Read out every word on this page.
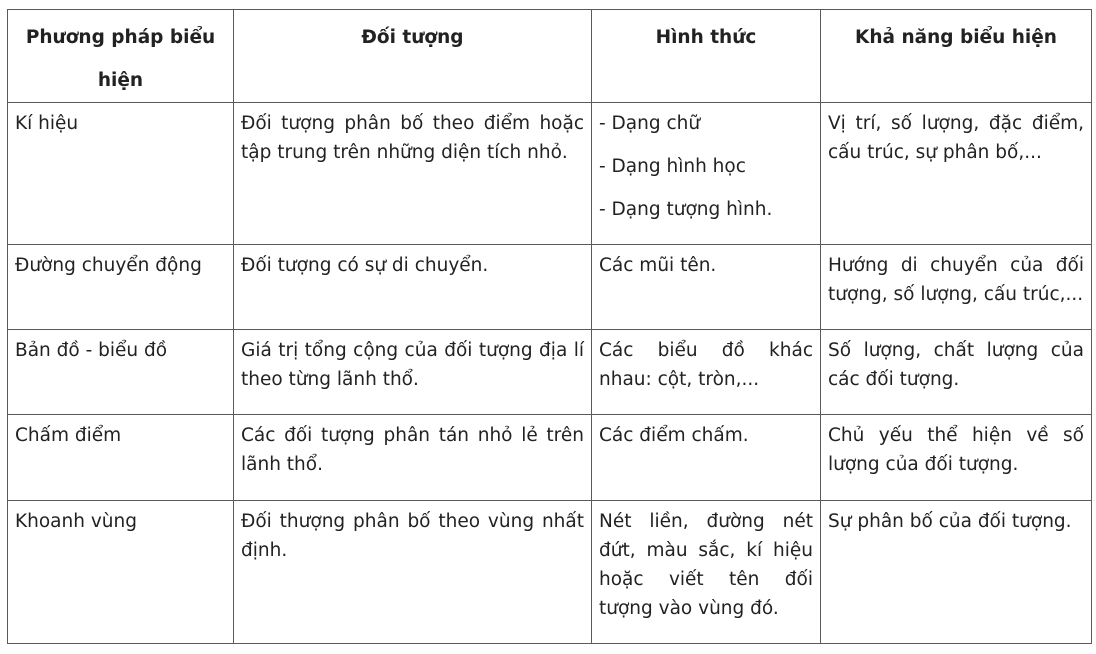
Phương pháp biểu hiện	Đối tượng	Hình thức	Khả năng biểu hiện
Kí hiệu	Đối tượng phân bố theo điểm hoặc tập trung trên những diện tích nhỏ.	- Dạng chữ
- Dạng hình học
- Dạng tượng hình.	Vị trí, số lượng, đặc điểm, cấu trúc, sự phân bố,...
Đường chuyển động	Đối tượng có sự di chuyển.	Các mũi tên.	Hướng di chuyển của đối tượng, số lượng, cấu trúc,...
Bản đồ - biểu đồ	Giá trị tổng cộng của đối tượng địa lí theo từng lãnh thổ.	Các biểu đồ khác nhau: cột, tròn,...	Số lượng, chất lượng của các đối tượng.
Chấm điểm	Các đối tượng phân tán nhỏ lẻ trên lãnh thổ.	Các điểm chấm.	Chủ yếu thể hiện về số lượng của đối tượng.
Khoanh vùng	Đối thượng phân bố theo vùng nhất định.	Nét liền, đường nét đứt, màu sắc, kí hiệu hoặc viết tên đối tượng vào vùng đó.	Sự phân bố của đối tượng.
